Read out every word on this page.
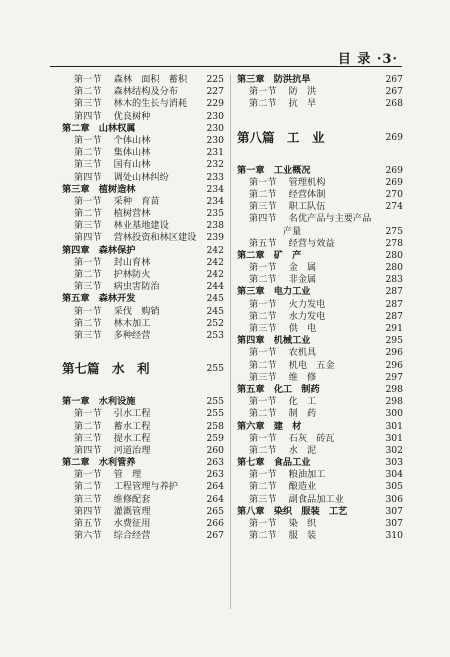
目 录 ·3·
第一节　 森林　面积　蓄积 225
第二节　 森林结构及分布	227
第三节　 林木的生长与消耗 229
第四节　 优良树种	230
第二章　山林权属	230
第一节　 个体山林	230
第二节　 集体山林	231
第三节　 国有山林	232
第四节　 调处山林纠纷	233
第三章　植树造林	234
第一节　 采种　育苗	234
第二节　 植树营林	235
第三节　 林业基地建设	238
第四节　 营林投资和林区建设 239
第四章　森林保护	242
第一节　 封山育林	242
第二节　 护林防火	242
第三节　 病虫害防治	244
第五章　森林开发	245
第一节　 采伐　购销	245
第二节　 林木加工	252
第三节　 多种经营	253
第七篇　水　利	255
第一章　水利设施	255
第一节　 引水工程	255
第二节　 蓄水工程	258
第三节　 提水工程	259
第四节　 河道治理	260
第二章　水利管养	263
第一节　 管　理	263
第二节　 工程管理与养护	264
第三节　 维修配套	264
第四节　 灌溉管理	265
第五节　 水费征用	266
第六节　 综合经营	267
第三章　防洪抗旱	267
第一节　 防　洪	267
第二节　 抗　旱	268
第八篇　工　业	269
第一章　工业概况	269
第一节　 管理机构	269
第二节　 经营体制	270
第三节　 职工队伍	274
第四节　 名优产品与主要产品
产量	275
第五节　 经营与效益	278
第二章　矿　产	280
第一节　 金　属	280
第二节　 非金属	283
第三章　电力工业	287
第一节　 火力发电	287
第二节　 水力发电	287
第三节　 供　电	291
第四章　机械工业	295
第一节　 农机具	296
第二节　 机电　五金	296
第三节　 维　修	297
第五章　化工　制药	298
第一节　 化　工	298
第二节　 制　药	300
第六章　建　材	301
第一节　 石灰　砖瓦	301
第二节　 水　泥	302
第七章　食品工业	303
第一节　 粮油加工	304
第二节　 酿造业	305
第三节　 副食品加工业	306
第八章　染织　服装　工艺	307
第一节　 染　织	307
第二节　 服　装	310
